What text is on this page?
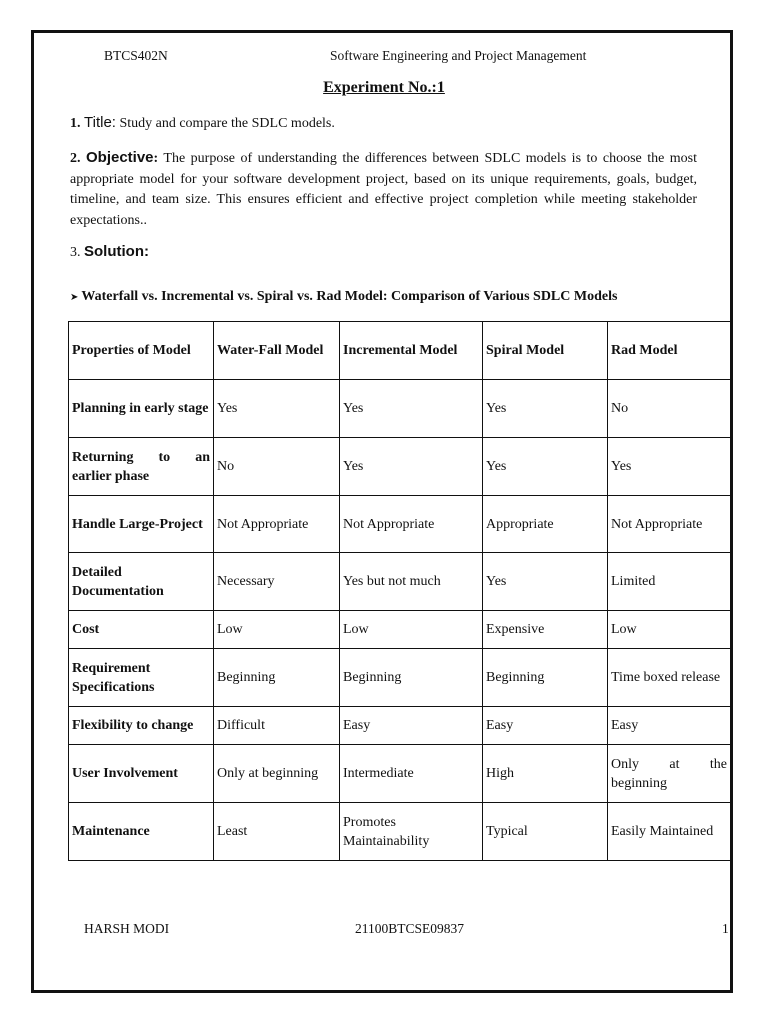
BTCS402N	Software Engineering and Project Management
Experiment No.:1
1. Title: Study and compare the SDLC models.
2. Objective: The purpose of understanding the differences between SDLC models is to choose the most appropriate model for your software development project, based on its unique requirements, goals, budget, timeline, and team size. This ensures efficient and effective project completion while meeting stakeholder expectations..
3. Solution:
➤ Waterfall vs. Incremental vs. Spiral vs. Rad Model: Comparison of Various SDLC Models
Properties of Model	Water-Fall Model	Incremental Model	Spiral Model	Rad Model
Planning in early stage	Yes	Yes	Yes	No
Returning to an earlier phase	No	Yes	Yes	Yes
Handle Large-Project	Not Appropriate	Not Appropriate	Appropriate	Not Appropriate
Detailed Documentation	Necessary	Yes but not much	Yes	Limited
Cost	Low	Low	Expensive	Low
Requirement Specifications	Beginning	Beginning	Beginning	Time boxed release
Flexibility to change	Difficult	Easy	Easy	Easy
User Involvement	Only at beginning	Intermediate	High	Only at the beginning
Maintenance	Least	Promotes Maintainability	Typical	Easily Maintained
HARSH MODI	21100BTCSE09837	1
